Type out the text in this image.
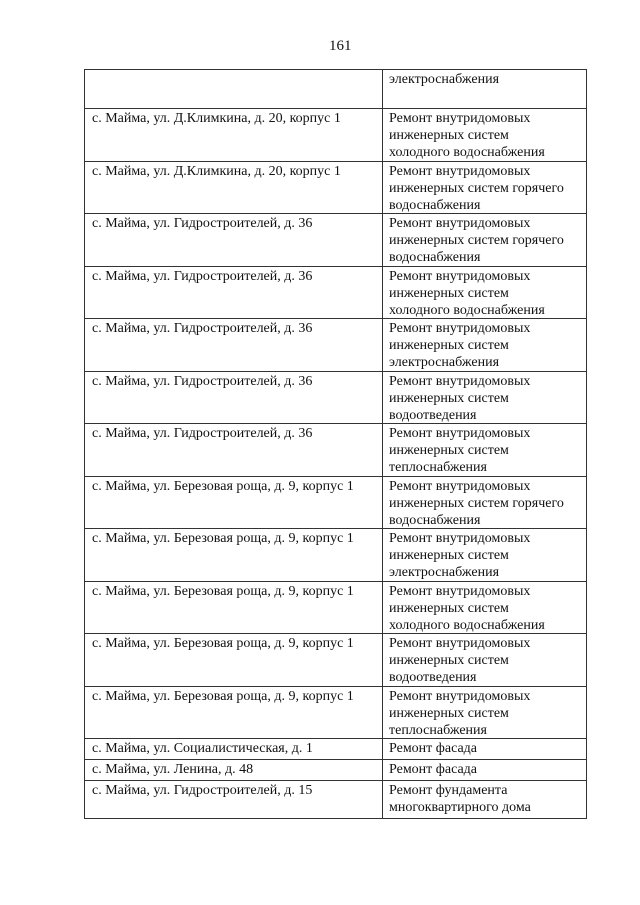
161
электроснабжения
с. Майма, ул. Д.Климкина, д. 20, корпус 1	Ремонт внутридомовых
инженерных систем
холодного водоснабжения
с. Майма, ул. Д.Климкина, д. 20, корпус 1	Ремонт внутридомовых
инженерных систем горячего
водоснабжения
с. Майма, ул. Гидростроителей, д. 36	Ремонт внутридомовых
инженерных систем горячего
водоснабжения
с. Майма, ул. Гидростроителей, д. 36	Ремонт внутридомовых
инженерных систем
холодного водоснабжения
с. Майма, ул. Гидростроителей, д. 36	Ремонт внутридомовых
инженерных систем
электроснабжения
с. Майма, ул. Гидростроителей, д. 36	Ремонт внутридомовых
инженерных систем
водоотведения
с. Майма, ул. Гидростроителей, д. 36	Ремонт внутридомовых
инженерных систем
теплоснабжения
с. Майма, ул. Березовая роща, д. 9, корпус 1	Ремонт внутридомовых
инженерных систем горячего
водоснабжения
с. Майма, ул. Березовая роща, д. 9, корпус 1	Ремонт внутридомовых
инженерных систем
электроснабжения
с. Майма, ул. Березовая роща, д. 9, корпус 1	Ремонт внутридомовых
инженерных систем
холодного водоснабжения
с. Майма, ул. Березовая роща, д. 9, корпус 1	Ремонт внутридомовых
инженерных систем
водоотведения
с. Майма, ул. Березовая роща, д. 9, корпус 1	Ремонт внутридомовых
инженерных систем
теплоснабжения
с. Майма, ул. Социалистическая, д. 1	Ремонт фасада
с. Майма, ул. Ленина, д. 48	Ремонт фасада
с. Майма, ул. Гидростроителей, д. 15	Ремонт фундамента
многоквартирного дома
